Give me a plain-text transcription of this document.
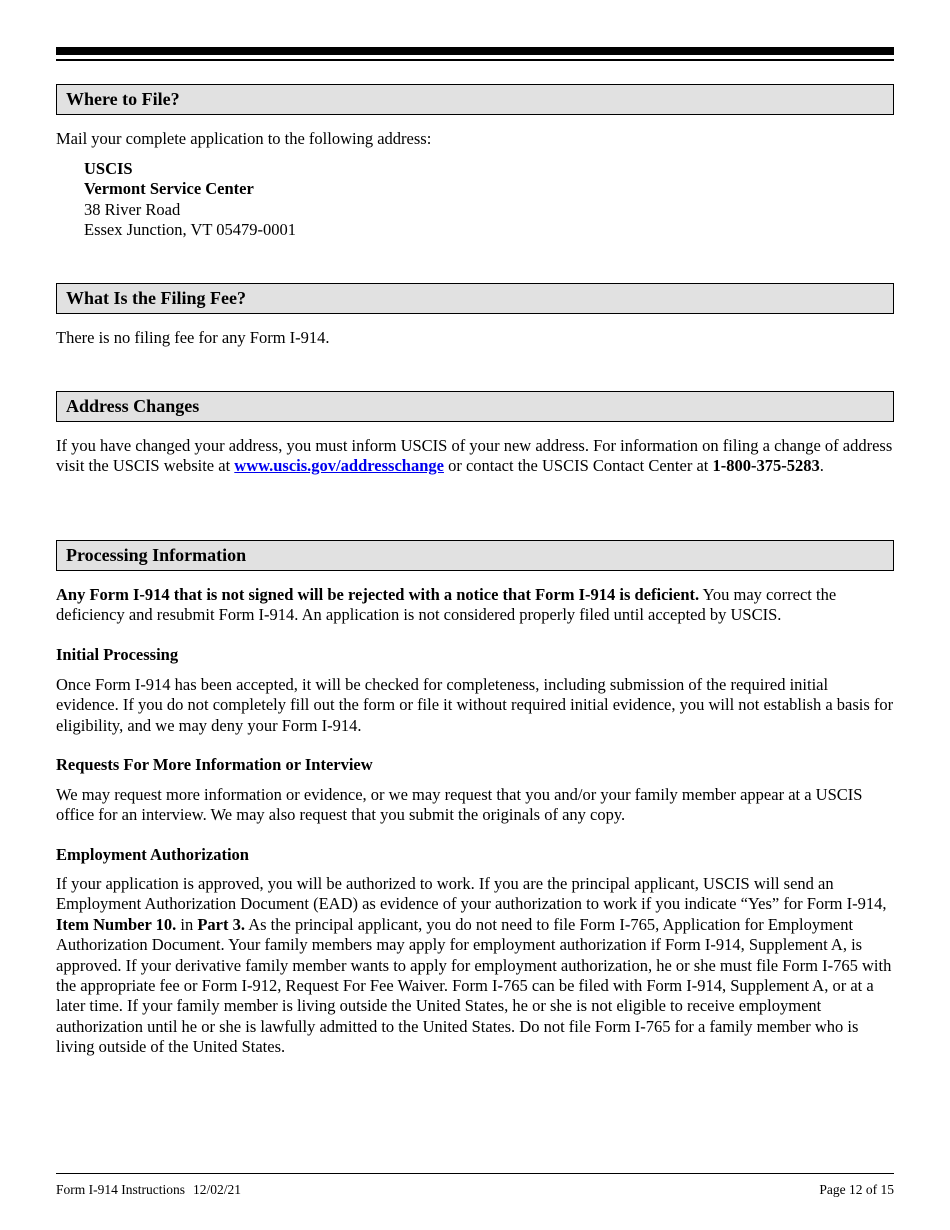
Where to File?
Mail your complete application to the following address:
USCIS
Vermont Service Center
38 River Road
Essex Junction, VT 05479-0001
What Is the Filing Fee?
There is no filing fee for any Form I-914.
Address Changes
If you have changed your address, you must inform USCIS of your new address. For information on filing a change of address visit the USCIS website at www.uscis.gov/addresschange or contact the USCIS Contact Center at 1-800-375-5283.
Processing Information
Any Form I-914 that is not signed will be rejected with a notice that Form I-914 is deficient. You may correct the deficiency and resubmit Form I-914. An application is not considered properly filed until accepted by USCIS.
Initial Processing
Once Form I-914 has been accepted, it will be checked for completeness, including submission of the required initial evidence. If you do not completely fill out the form or file it without required initial evidence, you will not establish a basis for eligibility, and we may deny your Form I-914.
Requests For More Information or Interview
We may request more information or evidence, or we may request that you and/or your family member appear at a USCIS office for an interview. We may also request that you submit the originals of any copy.
Employment Authorization
If your application is approved, you will be authorized to work. If you are the principal applicant, USCIS will send an Employment Authorization Document (EAD) as evidence of your authorization to work if you indicate “Yes” for Form I-914, Item Number 10. in Part 3. As the principal applicant, you do not need to file Form I-765, Application for Employment Authorization Document. Your family members may apply for employment authorization if Form I-914, Supplement A, is approved. If your derivative family member wants to apply for employment authorization, he or she must file Form I-765 with the appropriate fee or Form I-912, Request For Fee Waiver. Form I-765 can be filed with Form I-914, Supplement A, or at a later time. If your family member is living outside the United States, he or she is not eligible to receive employment authorization until he or she is lawfully admitted to the United States. Do not file Form I-765 for a family member who is living outside of the United States.
Form I-914 Instructions 12/02/21	Page 12 of 15
